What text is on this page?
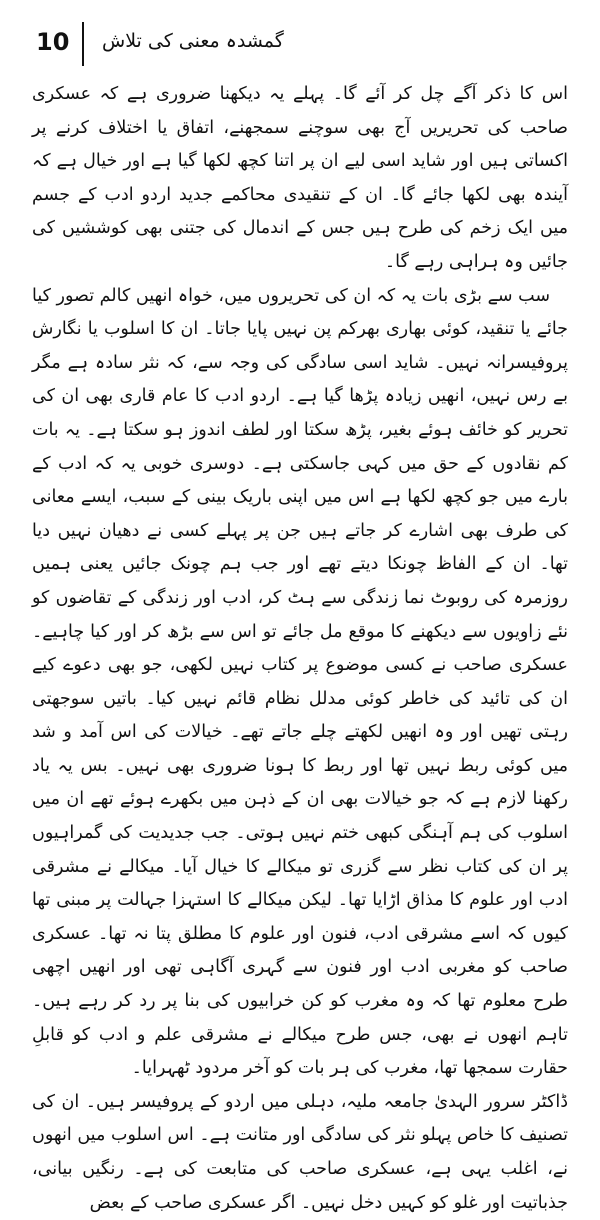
10 گمشدہ معنی کی تلاش

اس کا ذکر آگے چل کر آئے گا۔ پہلے یہ دیکھنا ضروری ہے کہ عسکری صاحب کی تحریریں آج بھی سوچنے سمجھنے، اتفاق یا اختلاف کرنے پر اکساتی ہیں اور شاید اسی لیے ان پر اتنا کچھ لکھا گیا ہے اور خیال ہے کہ آیندہ بھی لکھا جائے گا۔ ان کے تنقیدی محاکمے جدید اردو ادب کے جسم میں ایک زخم کی طرح ہیں جس کے اندمال کی جتنی بھی کوششیں کی جائیں وہ ہراہی رہے گا۔

سب سے بڑی بات یہ کہ ان کی تحریروں میں، خواہ انھیں کالم تصور کیا جائے یا تنقید، کوئی بھاری بھرکم پن نہیں پایا جاتا۔ ان کا اسلوب یا نگارش پروفیسرانہ نہیں۔ شاید اسی سادگی کی وجہ سے، کہ نثر سادہ ہے مگر بے رس نہیں، انھیں زیادہ پڑھا گیا ہے۔ اردو ادب کا عام قاری بھی ان کی تحریر کو خائف ہوئے بغیر، پڑھ سکتا اور لطف اندوز ہو سکتا ہے۔ یہ بات کم نقادوں کے حق میں کہی جاسکتی ہے۔ دوسری خوبی یہ کہ ادب کے بارے میں جو کچھ لکھا ہے اس میں اپنی باریک بینی کے سبب، ایسے معانی کی طرف بھی اشارے کر جاتے ہیں جن پر پہلے کسی نے دھیان نہیں دیا تھا۔ ان کے الفاظ چونکا دیتے تھے اور جب ہم چونک جائیں یعنی ہمیں روزمرہ کی روبوٹ نما زندگی سے ہٹ کر، ادب اور زندگی کے تقاضوں کو نئے زاویوں سے دیکھنے کا موقع مل جائے تو اس سے بڑھ کر اور کیا چاہیے۔ عسکری صاحب نے کسی موضوع پر کتاب نہیں لکھی، جو بھی دعوے کیے ان کی تائید کی خاطر کوئی مدلل نظام قائم نہیں کیا۔ باتیں سوجھتی رہتی تھیں اور وہ انھیں لکھتے چلے جاتے تھے۔ خیالات کی اس آمد و شد میں کوئی ربط نہیں تھا اور ربط کا ہونا ضروری بھی نہیں۔ بس یہ یاد رکھنا لازم ہے کہ جو خیالات بھی ان کے ذہن میں بکھرے ہوئے تھے ان میں اسلوب کی ہم آہنگی کبھی ختم نہیں ہوتی۔ جب جدیدیت کی گمراہیوں پر ان کی کتاب نظر سے گزری تو میکالے کا خیال آیا۔ میکالے نے مشرقی ادب اور علوم کا مذاق اڑایا تھا۔ لیکن میکالے کا استہزا جہالت پر مبنی تھا کیوں کہ اسے مشرقی ادب، فنون اور علوم کا مطلق پتا نہ تھا۔ عسکری صاحب کو مغربی ادب اور فنون سے گہری آگاہی تھی اور انھیں اچھی طرح معلوم تھا کہ وہ مغرب کو کن خرابیوں کی بنا پر رد کر رہے ہیں۔ تاہم انھوں نے بھی، جس طرح میکالے نے مشرقی علم و ادب کو قابلِ حقارت سمجھا تھا، مغرب کی ہر بات کو آخر مردود ٹھہرایا۔

ڈاکٹر سرور الہدیٰ جامعہ ملیہ، دہلی میں اردو کے پروفیسر ہیں۔ ان کی تصنیف کا خاص پہلو نثر کی سادگی اور متانت ہے۔ اس اسلوب میں انھوں نے، اغلب یہی ہے، عسکری صاحب کی متابعت کی ہے۔ رنگیں بیانی، جذباتیت اور غلو کو کہیں دخل نہیں۔ اگر عسکری صاحب کے بعض
